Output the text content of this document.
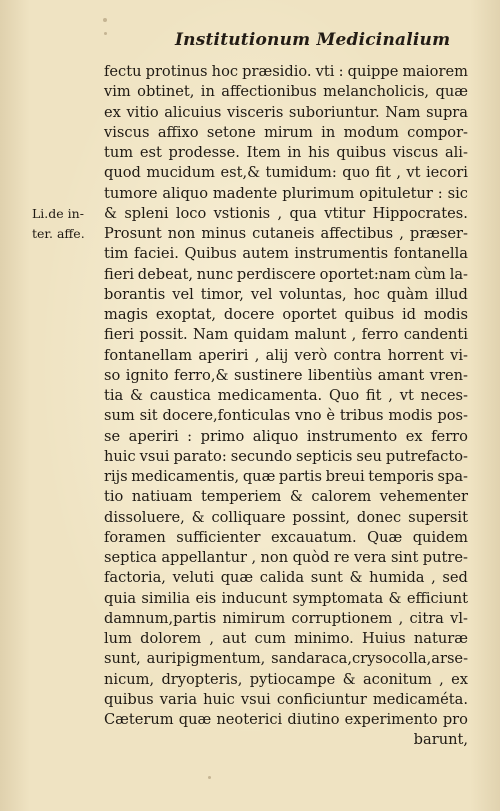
Institutionum Medicinalium
Li.de in-
ter. affe.
fectu protinus hoc præsidio. vti : quippe maiorem
vim obtinet, in affectionibus melancholicis, quæ
ex vitio alicuius visceris suboriuntur. Nam supra
viscus affixo setone mirum in modum compor-
tum est prodesse. Item in his quibus viscus ali-
quod mucidum est,& tumidum: quo fit , vt iecori
tumore aliquo madente plurimum opituletur : sic
& spleni loco vstionis , qua vtitur Hippocrates.
Prosunt non minus cutaneis affectibus , præser-
tim faciei. Quibus autem instrumentis fontanella
fieri debeat, nunc perdiscere oportet:nam cùm la-
borantis vel timor, vel voluntas, hoc quàm illud
magis exoptat, docere oportet quibus id modis
fieri possit. Nam quidam malunt , ferro candenti
fontanellam aperiri , alij verò contra horrent vi-
so ignito ferro,& sustinere libentiùs amant vren-
tia & caustica medicamenta. Quo fit , vt neces-
sum sit docere,fonticulas vno è tribus modis pos-
se aperiri : primo aliquo instrumento ex ferro
huic vsui parato: secundo septicis seu putrefacto-
rijs medicamentis, quæ partis breui temporis spa-
tio natiuam temperiem & calorem vehementer
dissoluere, & colliquare possint, donec supersit
foramen sufficienter excauatum. Quæ quidem
septica appellantur , non quòd re vera sint putre-
factoria, veluti quæ calida sunt & humida , sed
quia similia eis inducunt symptomata & efficiunt
damnum,partis nimirum corruptionem , citra vl-
lum dolorem , aut cum minimo. Huius naturæ
sunt, auripigmentum, sandaraca,crysocolla,arse-
nicum, dryopteris, pytiocampe & aconitum , ex
quibus varia huic vsui conficiuntur medicaméta.
Cæterum quæ neoterici diutino experimento pro
barunt,
